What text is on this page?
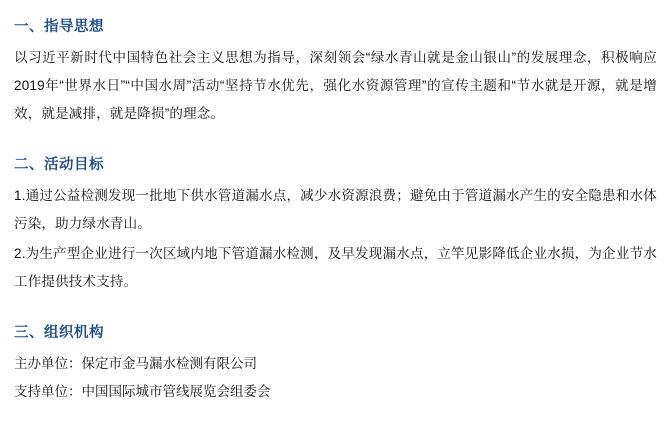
一、指导思想

以习近平新时代中国特色社会主义思想为指导，深刻领会“绿水青山就是金山银山”的发展理念，积极响应2019年“世界水日”“中国水周”活动“坚持节水优先，强化水资源管理”的宣传主题和“节水就是开源，就是增效，就是减排，就是降损”的理念。

二、活动目标

1.通过公益检测发现一批地下供水管道漏水点，减少水资源浪费；避免由于管道漏水产生的安全隐患和水体污染，助力绿水青山。

2.为生产型企业进行一次区域内地下管道漏水检测，及早发现漏水点，立竿见影降低企业水损，为企业节水工作提供技术支持。

三、组织机构

主办单位：保定市金马漏水检测有限公司

支持单位：中国国际城市管线展览会组委会
